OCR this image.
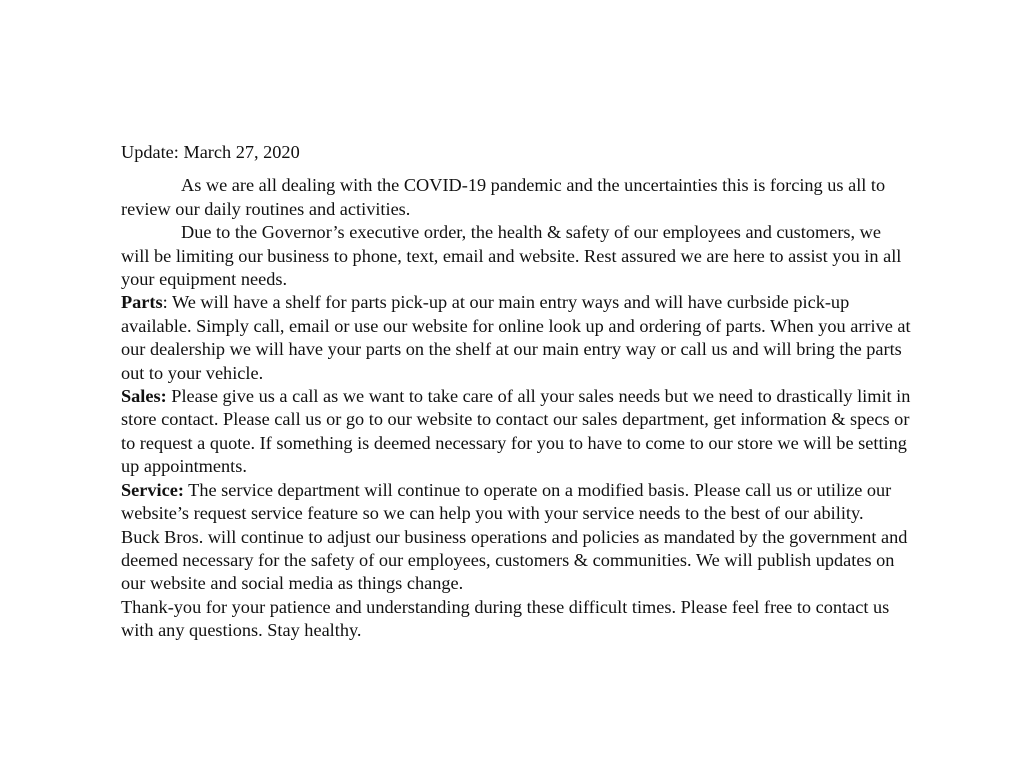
Update: March 27, 2020

As we are all dealing with the COVID-19 pandemic and the uncertainties this is forcing us all to review our daily routines and activities.

Due to the Governor’s executive order, the health & safety of our employees and customers, we will be limiting our business to phone, text, email and website. Rest assured we are here to assist you in all your equipment needs.

Parts: We will have a shelf for parts pick-up at our main entry ways and will have curbside pick-up available. Simply call, email or use our website for online look up and ordering of parts. When you arrive at our dealership we will have your parts on the shelf at our main entry way or call us and will bring the parts out to your vehicle.

Sales: Please give us a call as we want to take care of all your sales needs but we need to drastically limit in store contact. Please call us or go to our website to contact our sales department, get information & specs or to request a quote. If something is deemed necessary for you to have to come to our store we will be setting up appointments.

Service: The service department will continue to operate on a modified basis. Please call us or utilize our website’s request service feature so we can help you with your service needs to the best of our ability.

Buck Bros. will continue to adjust our business operations and policies as mandated by the government and deemed necessary for the safety of our employees, customers & communities. We will publish updates on our website and social media as things change.

Thank-you for your patience and understanding during these difficult times. Please feel free to contact us with any questions. Stay healthy.
